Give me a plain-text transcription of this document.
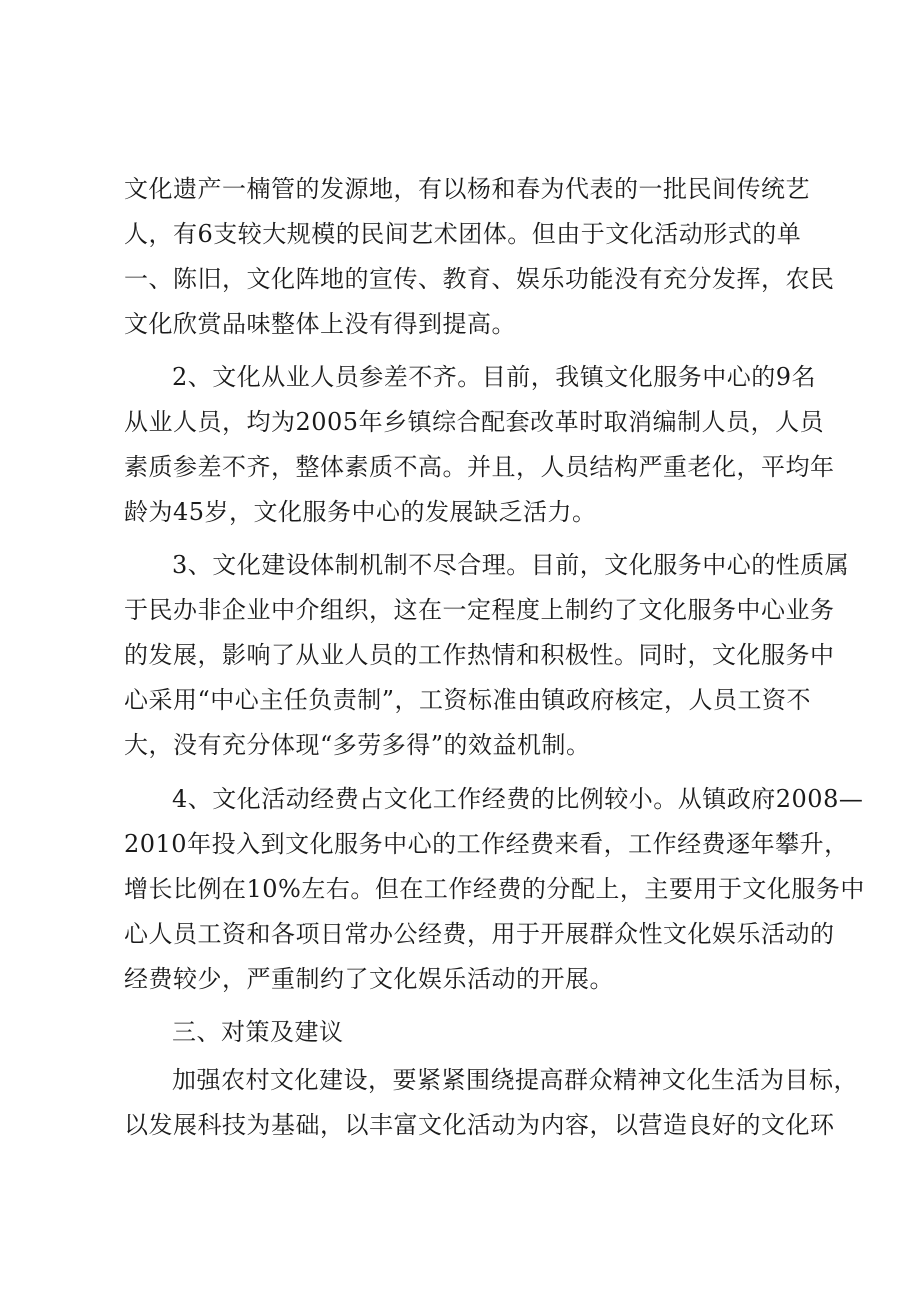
文化遗产一楠管的发源地，有以杨和春为代表的一批民间传统艺
人，有6支较大规模的民间艺术团体。但由于文化活动形式的单
一、陈旧，文化阵地的宣传、教育、娱乐功能没有充分发挥，农民
文化欣赏品味整体上没有得到提高。
2、文化从业人员参差不齐。目前，我镇文化服务中心的9名
从业人员，均为2005年乡镇综合配套改革时取消编制人员，人员
素质参差不齐，整体素质不高。并且，人员结构严重老化，平均年
龄为45岁，文化服务中心的发展缺乏活力。
3、文化建设体制机制不尽合理。目前，文化服务中心的性质属
于民办非企业中介组织，这在一定程度上制约了文化服务中心业务
的发展，影响了从业人员的工作热情和积极性。同时，文化服务中
心采用“中心主任负责制”，工资标准由镇政府核定，人员工资不
大，没有充分体现“多劳多得”的效益机制。
4、文化活动经费占文化工作经费的比例较小。从镇政府2008—
2010年投入到文化服务中心的工作经费来看，工作经费逐年攀升，
增长比例在10%左右。但在工作经费的分配上，主要用于文化服务中
心人员工资和各项日常办公经费，用于开展群众性文化娱乐活动的
经费较少，严重制约了文化娱乐活动的开展。
三、对策及建议
加强农村文化建设，要紧紧围绕提高群众精神文化生活为目标，
以发展科技为基础，以丰富文化活动为内容，以营造良好的文化环
